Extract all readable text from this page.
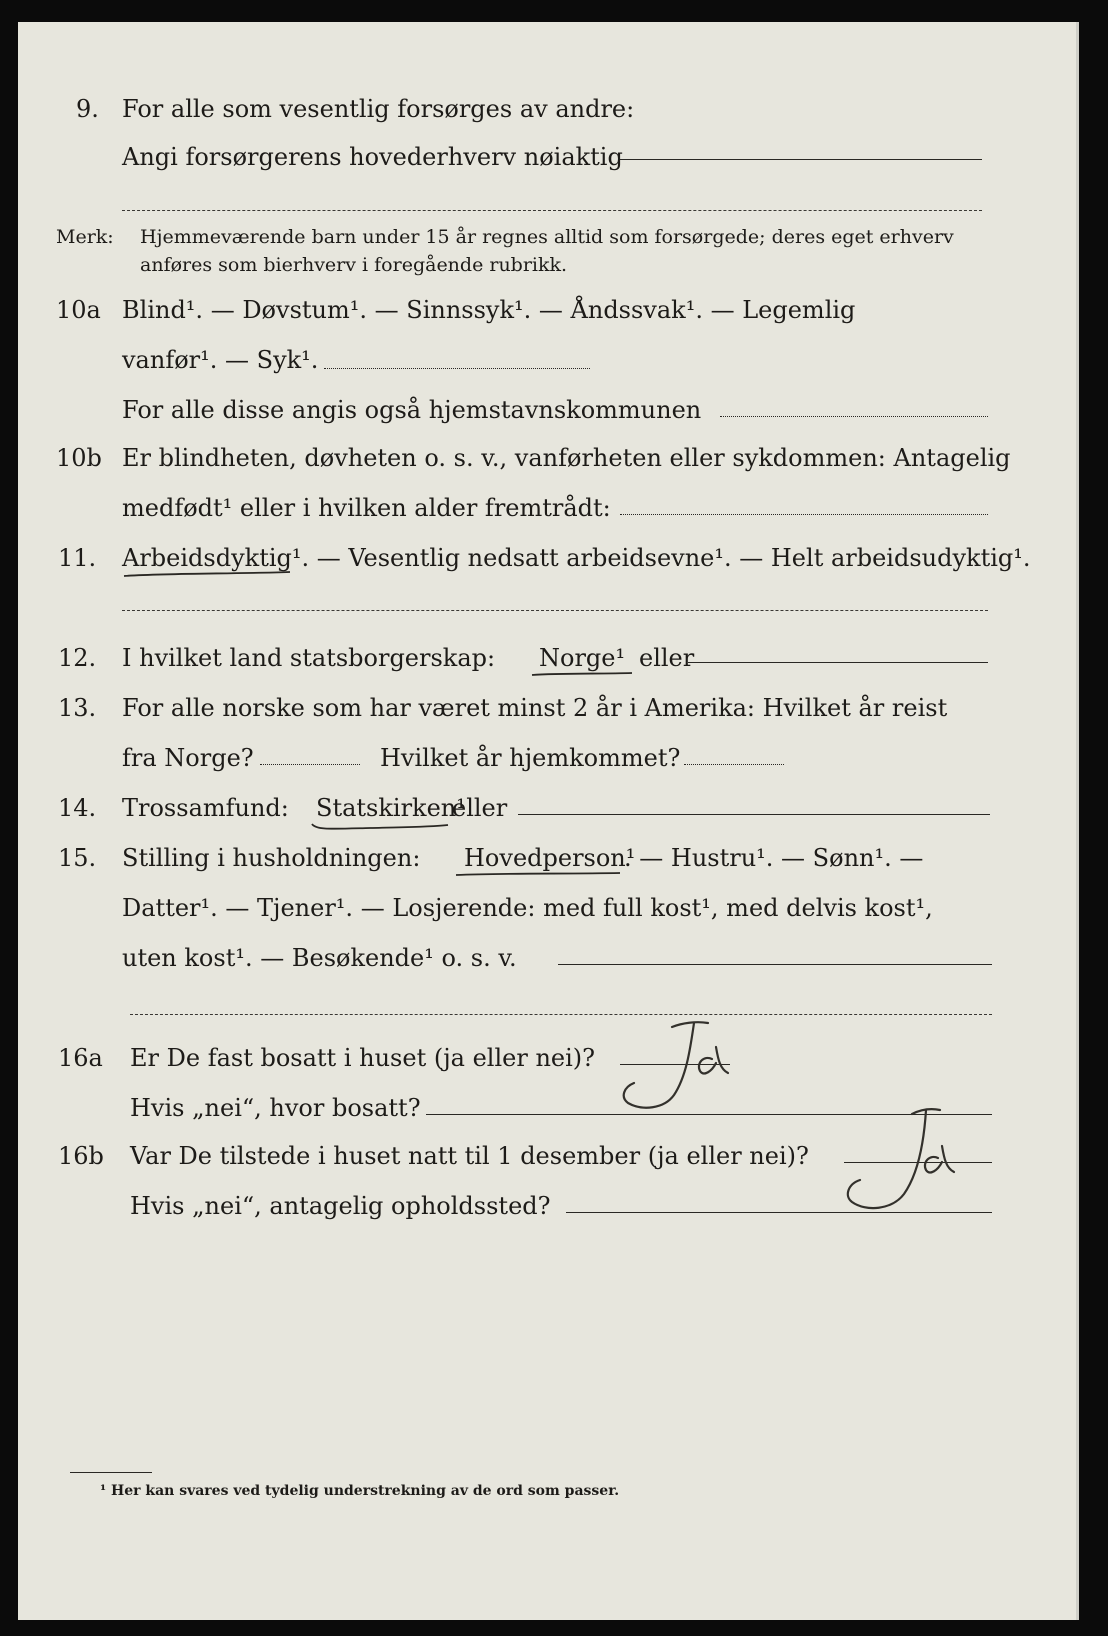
9. For alle som vesentlig forsørges av andre:
Angi forsørgerens hovederhverv nøiaktig
Merk: Hjemmeværende barn under 15 år regnes alltid som forsørgede; deres eget erhverv
anføres som bierhverv i foregående rubrikk.
10a Blind¹. — Døvstum¹. — Sinnssyk¹. — Åndssvak¹. — Legemlig
vanfør¹. — Syk¹.
For alle disse angis også hjemstavnskommunen
10b Er blindheten, døvheten o. s. v., vanførheten eller sykdommen: Antagelig
medfødt¹ eller i hvilken alder fremtrådt:
11. Arbeidsdyktig¹. — Vesentlig nedsatt arbeidsevne¹. — Helt arbeidsudyktig¹.
12. I hvilket land statsborgerskap: Norge¹ eller
13. For alle norske som har været minst 2 år i Amerika: Hvilket år reist
fra Norge?	Hvilket år hjemkommet?
14. Trossamfund: Statskirken¹
eller
15. Stilling i husholdningen: Hovedperson¹
. — Hustru¹. — Sønn¹. —
Datter¹. — Tjener¹. — Losjerende: med full kost¹, med delvis kost¹,
uten kost¹. — Besøkende¹ o. s. v.
16a Er De fast bosatt i huset (ja eller nei)?
Hvis „nei“, hvor bosatt?
16b Var De tilstede i huset natt til 1 desember (ja eller nei)?
Hvis „nei“, antagelig opholdssted?
¹ Her kan svares ved tydelig understrekning av de ord som passer.
